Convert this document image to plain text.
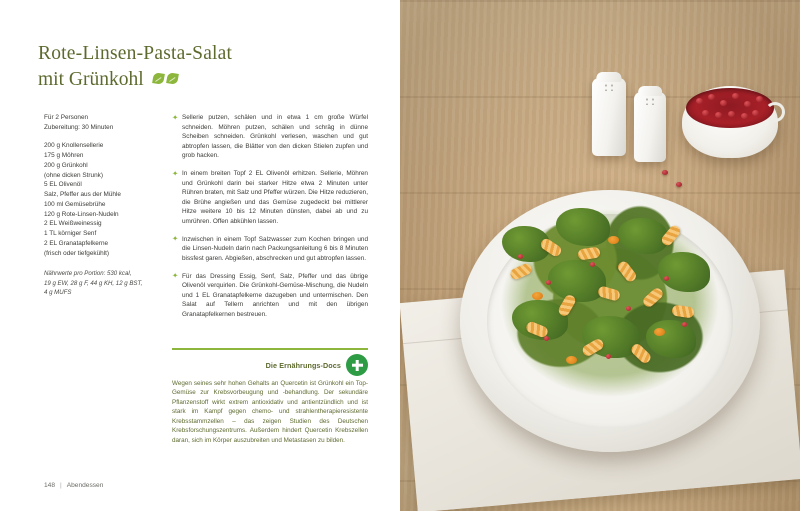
Rote-Linsen-Pasta-Salat
mit Grünkohl
Für 2 Personen
Zubereitung: 30 Minuten
200 g Knollensellerie
175 g Möhren
200 g Grünkohl
(ohne dicken Strunk)
5 EL Olivenöl
Salz, Pfeffer aus der Mühle
100 ml Gemüsebrühe
120 g Rote-Linsen-Nudeln
2 EL Weißweinessig
1 TL körniger Senf
2 EL Granatapfelkerne
(frisch oder tiefgekühlt)
Nährwerte pro Portion: 530 kcal,
19 g EW, 28 g F, 44 g KH, 12 g BST,
4 g MUFS
✦ Sellerie putzen, schälen und in etwa 1 cm große Würfel schneiden. Möhren putzen, schälen und schräg in dünne Scheiben schneiden. Grünkohl verlesen, waschen und gut abtropfen lassen, die Blätter von den dicken Stielen zupfen und grob hacken.
✦ In einem breiten Topf 2 EL Olivenöl erhitzen. Sellerie, Möhren und Grünkohl darin bei starker Hitze etwa 2 Minuten unter Rühren braten, mit Salz und Pfeffer würzen. Die Hitze reduzieren, die Brühe angießen und das Gemüse zugedeckt bei mittlerer Hitze weitere 10 bis 12 Minuten dünsten, dabei ab und zu umrühren. Offen abkühlen lassen.
✦ Inzwischen in einem Topf Salzwasser zum Kochen bringen und die Linsen-Nudeln darin nach Packungsanleitung 6 bis 8 Minuten bissfest garen. Abgießen, abschrecken und gut abtropfen lassen.
✦ Für das Dressing Essig, Senf, Salz, Pfeffer und das übrige Olivenöl verquirlen. Die Grünkohl-Gemüse-Mischung, die Nudeln und 1 EL Granatapfelkerne dazugeben und untermischen. Den Salat auf Tellern anrichten und mit den übrigen Granatapfelkernen bestreuen.
Die Ernährungs-Docs
Wegen seines sehr hohen Gehalts an Quercetin ist Grünkohl ein Top-Gemüse zur Krebsvorbeugung und -behandlung. Der sekundäre Pflanzenstoff wirkt extrem antioxidativ und antientzündlich und ist stark im Kampf gegen chemo- und strahlentherapieresistente Krebsstammzellen – das zeigen Studien des Deutschen Krebsforschungszentrums. Außerdem hindert Quercetin Krebszellen daran, sich im Körper auszubreiten und Metastasen zu bilden.
148 | Abendessen
